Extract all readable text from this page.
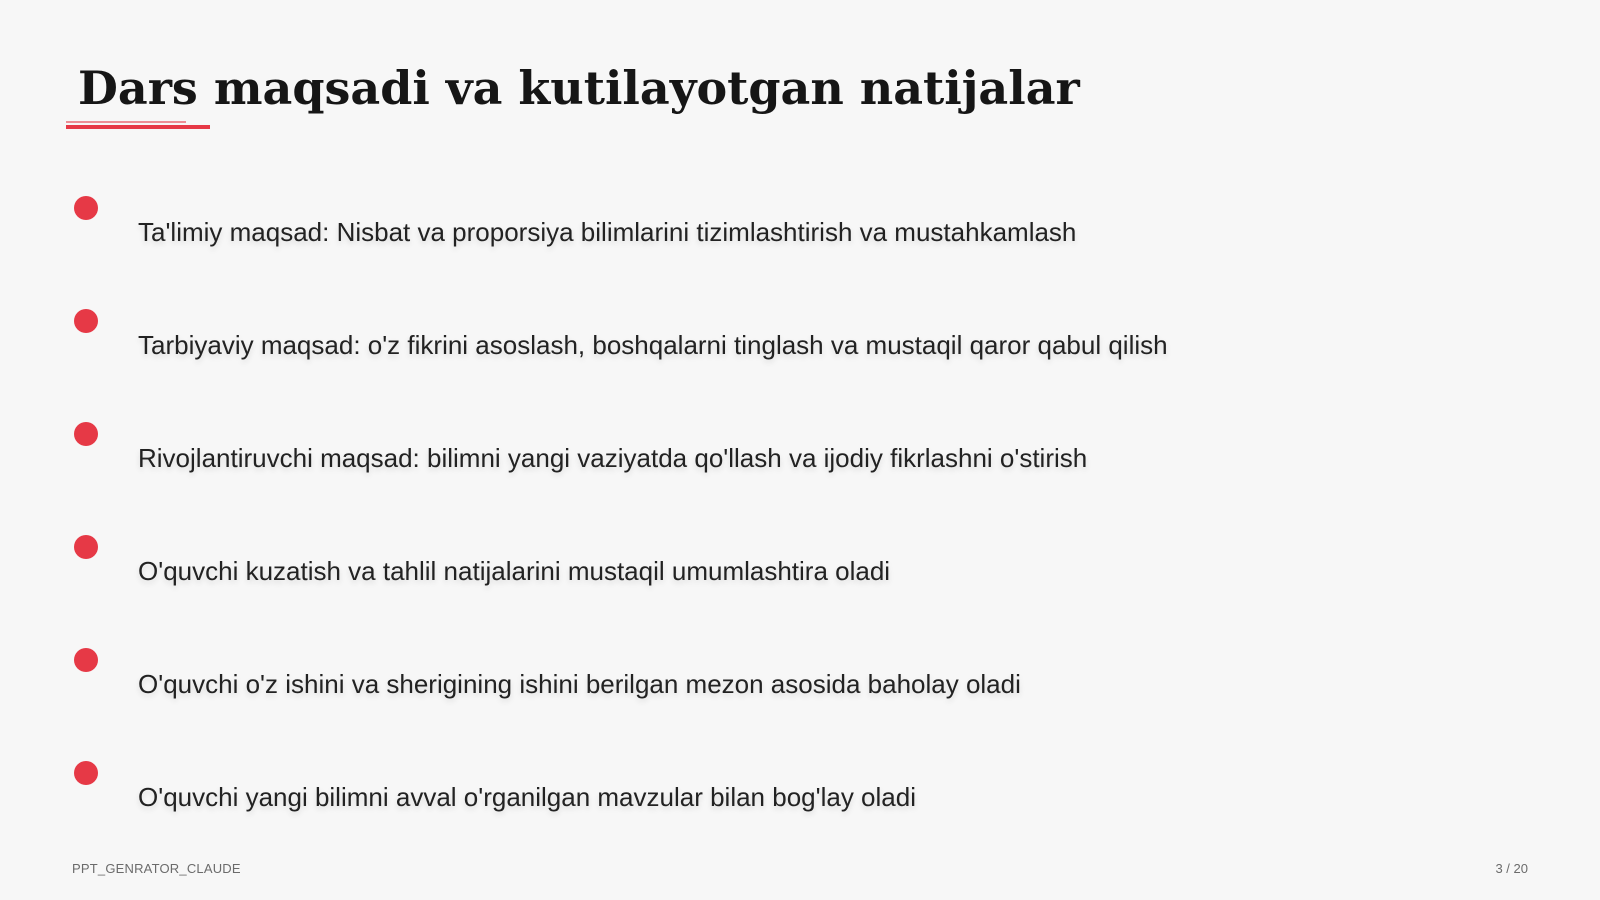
Dars maqsadi va kutilayotgan natijalar
Ta'limiy maqsad: Nisbat va proporsiya bilimlarini tizimlashtirish va mustahkamlash
Tarbiyaviy maqsad: o'z fikrini asoslash, boshqalarni tinglash va mustaqil qaror qabul qilish
Rivojlantiruvchi maqsad: bilimni yangi vaziyatda qo'llash va ijodiy fikrlashni o'stirish
O'quvchi kuzatish va tahlil natijalarini mustaqil umumlashtira oladi
O'quvchi o'z ishini va sherigining ishini berilgan mezon asosida baholay oladi
O'quvchi yangi bilimni avval o'rganilgan mavzular bilan bog'lay oladi
PPT_GENRATOR_CLAUDE	3 / 20
